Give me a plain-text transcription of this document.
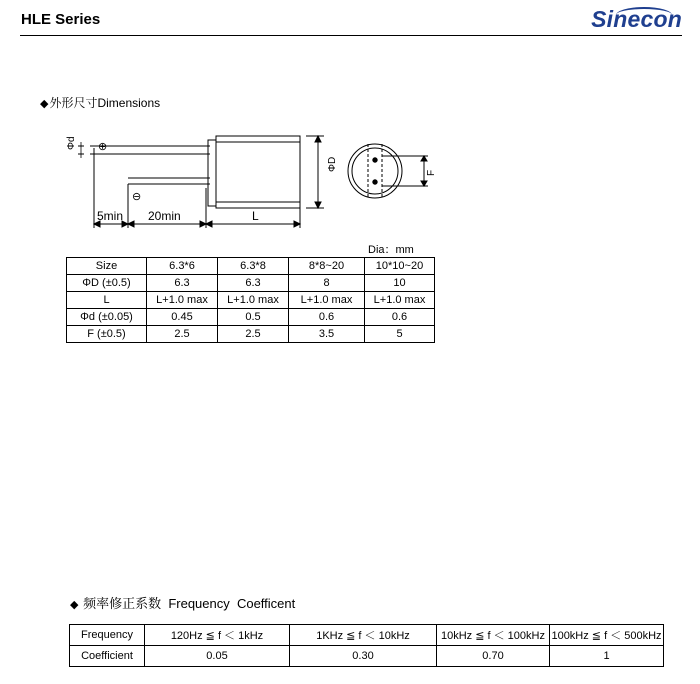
HLE Series	Sinecon
◆外形尺寸Dimensions
Φd ⊕
⊖
ΦD
5min 20min	L
F
Dia：mm
Size	6.3*6	6.3*8	8*8~20	10*10~20
ΦD (±0.5)	6.3	6.3	8	10
L	L+1.0 max	L+1.0 max	L+1.0 max	L+1.0 max
Φd (±0.05)	0.45	0.5	0.6	0.6
F (±0.5)	2.5	2.5	3.5	5
◆ 频率修正系数  Frequency  Coefficent
Frequency	120Hz ≦ f ＜ 1kHz	1KHz ≦ f ＜ 10kHz	10kHz ≦ f ＜ 100kHz	100kHz ≦ f ＜ 500kHz
Coefficient	0.05	0.30	0.70	1
